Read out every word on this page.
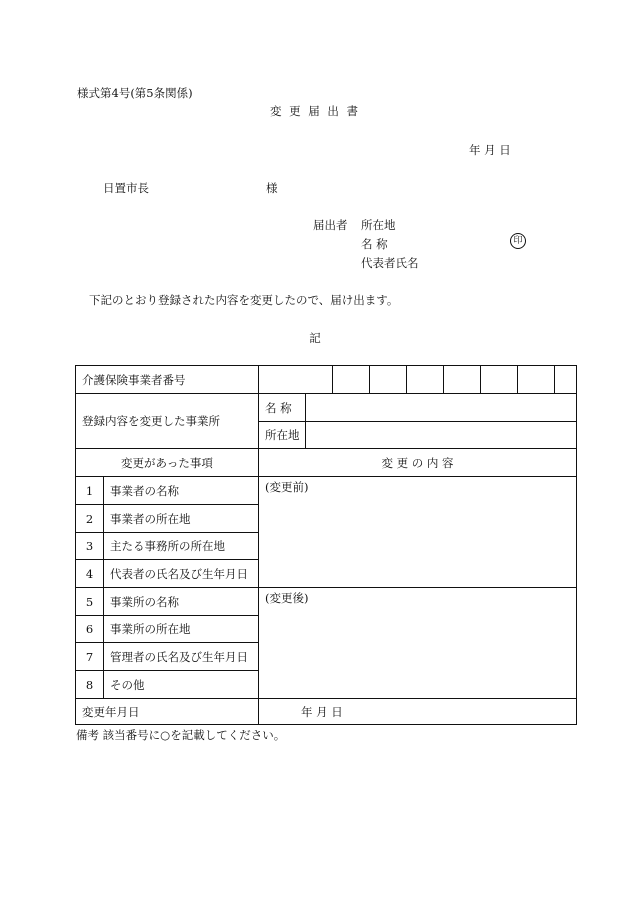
様式第4号(第5条関係)
変 更 届 出 書
年 月 日
日置市長	様
届出者 所在地
名 称
代表者氏名
印
下記のとおり登録された内容を変更したので、届け出ます。
記
介護保険事業者番号										
登録内容を変更した事業所		名 称								
		所在地								
変更があった事項		変 更 の 内 容								
1	事業者の名称	(変更前)								
2	事業者の所在地									
3	主たる事務所の所在地									
4	代表者の氏名及び生年月日									
5	事業所の名称	(変更後)								
6	事業所の所在地									
7	管理者の氏名及び生年月日									
8	その他									
変更年月日		年 月 日								
備考 該当番号に○を記載してください。
